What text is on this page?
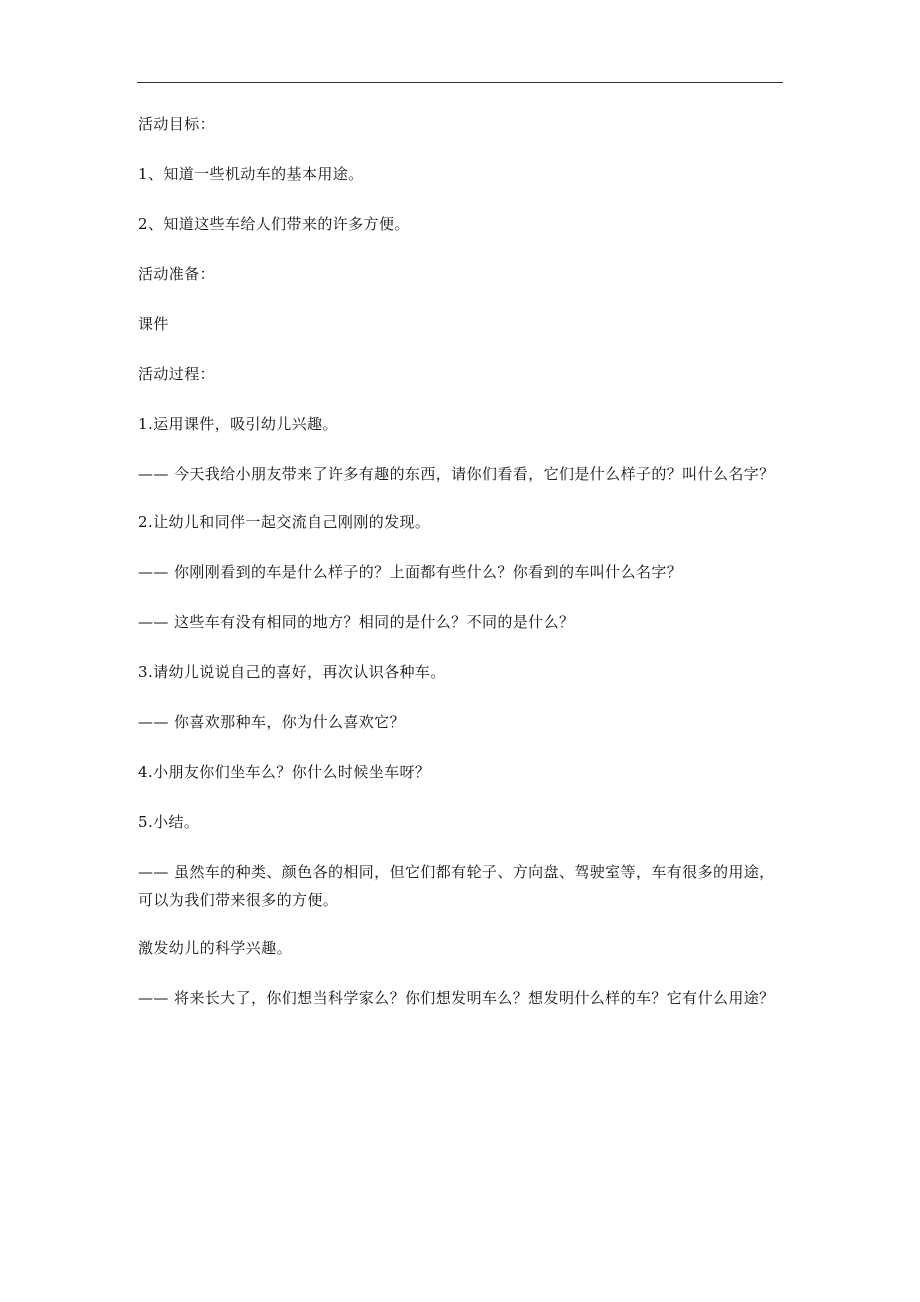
活动目标：

1、知道一些机动车的基本用途。

2、知道这些车给人们带来的许多方便。

活动准备：

课件

活动过程：

1.运用课件，吸引幼儿兴趣。

—— 今天我给小朋友带来了许多有趣的东西，请你们看看，它们是什么样子的？叫什么名字？

2.让幼儿和同伴一起交流自己刚刚的发现。

—— 你刚刚看到的车是什么样子的？上面都有些什么？你看到的车叫什么名字？

—— 这些车有没有相同的地方？相同的是什么？不同的是什么？

3.请幼儿说说自己的喜好，再次认识各种车。

—— 你喜欢那种车，你为什么喜欢它？

4.小朋友你们坐车么？你什么时候坐车呀？

5.小结。

—— 虽然车的种类、颜色各的相同，但它们都有轮子、方向盘、驾驶室等，车有很多的用途，可以为我们带来很多的方便。

激发幼儿的科学兴趣。

—— 将来长大了，你们想当科学家么？你们想发明车么？想发明什么样的车？它有什么用途？
